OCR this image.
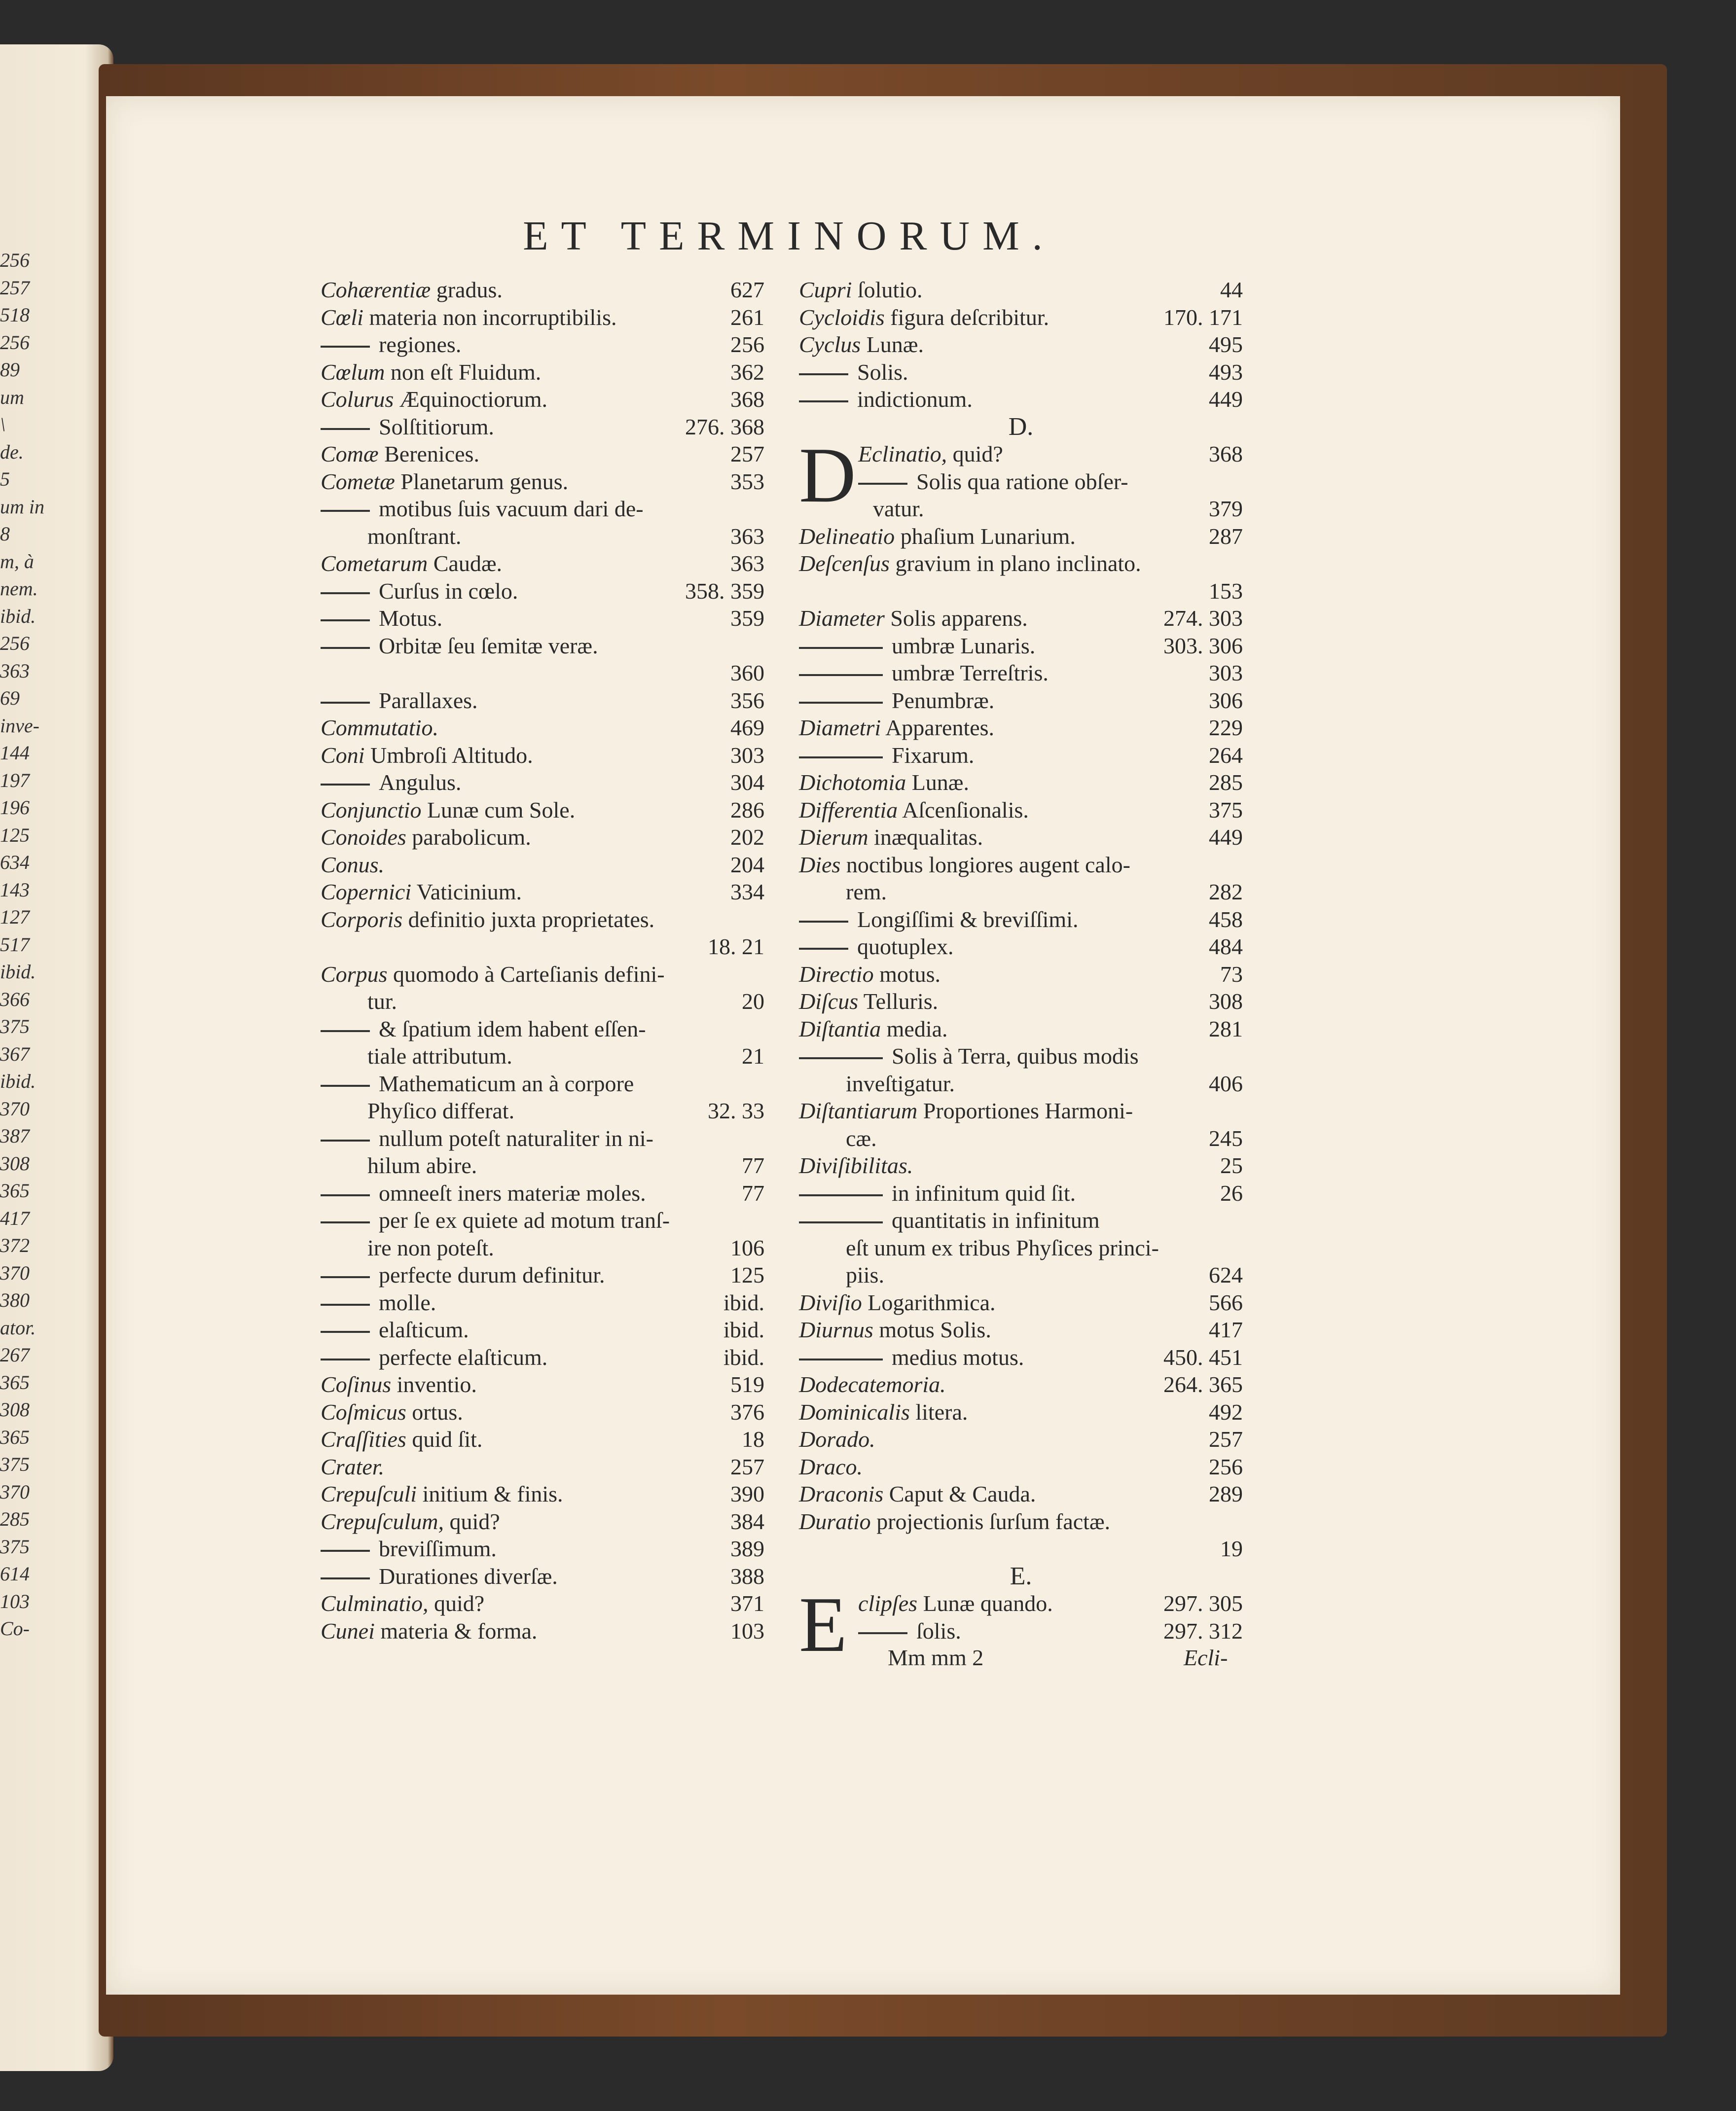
256
257
518
256
89
um
\
de.
5
um in
8
m, à
nem.
ibid.
256
363
69
inve-
144
197
196
125
634
143
127
517
ibid.
366
375
367
ibid.
370
387
308
365
417
372
370
380
ator.
267
365
308
365
375
370
285
375
614
103
Co-
ET TERMINORUM.
Cohærentiæ gradus.	627
Cœli materia non incorruptibilis.	261
regiones.	256
Cœlum non eſt Fluidum.	362
Colurus Æquinoctiorum.	368
Solſtitiorum.	276. 368
Comæ Berenices.	257
Cometæ Planetarum genus.	353
motibus ſuis vacuum dari de-
monſtrant.	363
Cometarum Caudæ.	363
Curſus in cœlo.	358. 359
Motus.	359
Orbitæ ſeu ſemitæ veræ.
360
Parallaxes.	356
Commutatio.	469
Coni Umbroſi Altitudo.	303
Angulus.	304
Conjunctio Lunæ cum Sole.	286
Conoides parabolicum.	202
Conus.	204
Copernici Vaticinium.	334
Corporis definitio juxta proprietates.
18. 21
Corpus quomodo à Carteſianis defini-
tur.	20
& ſpatium idem habent eſſen-
tiale attributum.	21
Mathematicum an à corpore
Phyſico differat.	32. 33
nullum poteſt naturaliter in ni-
hilum abire.	77
omneeſt iners materiæ moles.	77
per ſe ex quiete ad motum tranſ-
ire non poteſt.	106
perfecte durum definitur.	125
molle.	ibid.
elaſticum.	ibid.
perfecte elaſticum.	ibid.
Coſinus inventio.	519
Coſmicus ortus.	376
Craſſities quid ſit.	18
Crater.	257
Crepuſculi initium & finis.	390
Crepuſculum, quid?	384
breviſſimum.	389
Durationes diverſæ.	388
Culminatio, quid?	371
Cunei materia & forma.	103
Cupri ſolutio.	44
Cycloidis figura deſcribitur.	170. 171
Cyclus Lunæ.	495
Solis.	493
indictionum.	449
D.
D Eclinatio, quid?	368
Solis qua ratione obſer-
vatur.	379
Delineatio phaſium Lunarium.	287
Deſcenſus gravium in plano inclinato.
153
Diameter Solis apparens.	274. 303
umbræ Lunaris.	303. 306
umbræ Terreſtris.	303
Penumbræ.	306
Diametri Apparentes.	229
Fixarum.	264
Dichotomia Lunæ.	285
Differentia Aſcenſionalis.	375
Dierum inæqualitas.	449
Dies noctibus longiores augent calo-
rem.	282
Longiſſimi & breviſſimi.	458
quotuplex.	484
Directio motus.	73
Diſcus Telluris.	308
Diſtantia media.	281
Solis à Terra, quibus modis
inveſtigatur.	406
Diſtantiarum Proportiones Harmoni-
cæ.	245
Diviſibilitas.	25
in infinitum quid ſit.	26
quantitatis in infinitum
eſt unum ex tribus Phyſices princi-
piis.	624
Diviſio Logarithmica.	566
Diurnus motus Solis.	417
medius motus.	450. 451
Dodecatemoria.	264. 365
Dominicalis litera.	492
Dorado.	257
Draco.	256
Draconis Caput & Cauda.	289
Duratio projectionis ſurſum factæ.
19
E.
E clipſes Lunæ quando.	297. 305
ſolis.	297. 312
Mm mm 2	Ecli-
